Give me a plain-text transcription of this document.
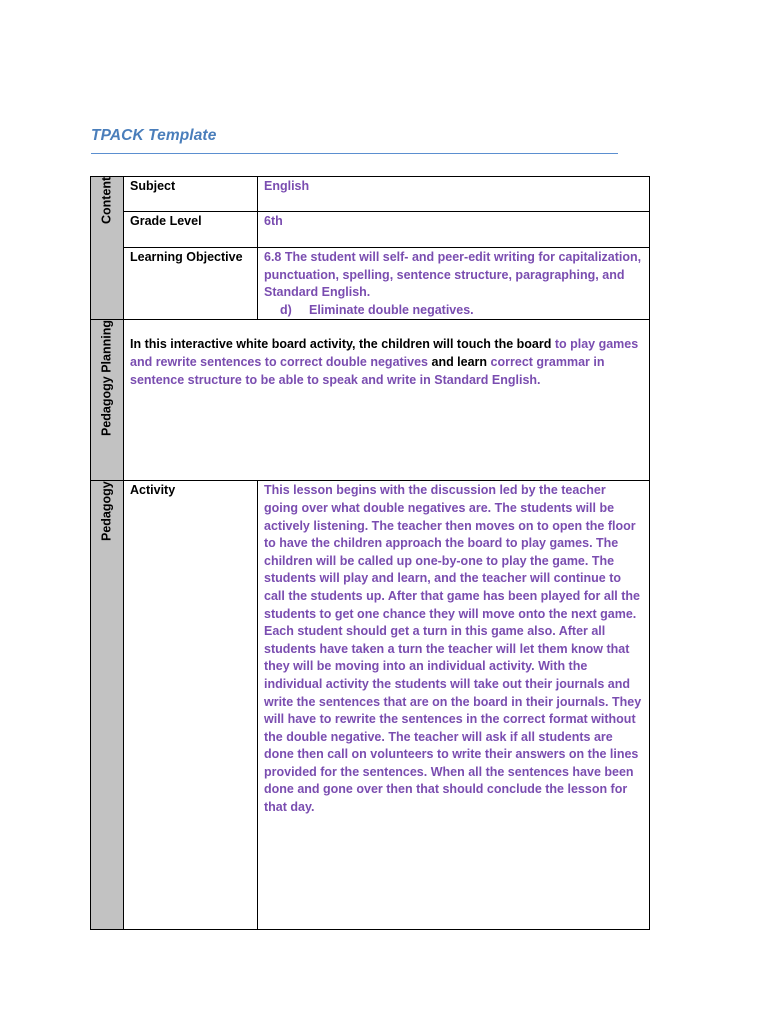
TPACK Template
Content	Subject	English
	Grade Level	6th
	Learning Objective	6.8 The student will self- and peer-edit writing for capitalization, punctuation, spelling, sentence structure, paragraphing, and Standard English.
d) Eliminate double negatives.

Pedagogy Planning	In this interactive white board activity, the children will touch the board to play games and rewrite sentences to correct double negatives and learn correct grammar in sentence structure to be able to speak and write in Standard English.	

Pedagogy	Activity	This lesson begins with the discussion led by the teacher going over what double negatives are. The students will be actively listening. The teacher then moves on to open the floor to have the children approach the board to play games. The children will be called up one-by-one to play the game. The students will play and learn, and the teacher will continue to call the students up. After that game has been played for all the students to get one chance they will move onto the next game. Each student should get a turn in this game also. After all students have taken a turn the teacher will let them know that they will be moving into an individual activity. With the individual activity the students will take out their journals and write the sentences that are on the board in their journals. They will have to rewrite the sentences in the correct format without the double negative. The teacher will ask if all students are done then call on volunteers to write their answers on the lines provided for the sentences. When all the sentences have been done and gone over then that should conclude the lesson for that day.
